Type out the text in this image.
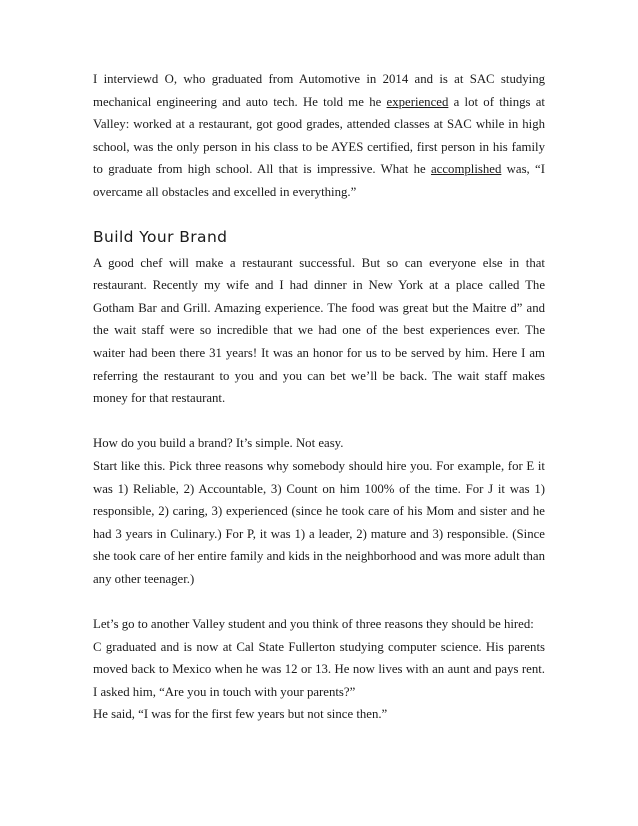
I interviewd O, who graduated from Automotive in 2014 and is at SAC studying mechanical engineering and auto tech. He told me he experienced a lot of things at Valley: worked at a restaurant, got good grades, attended classes at SAC while in high school, was the only person in his class to be AYES certified, first person in his family to graduate from high school. All that is impressive. What he accomplished was, “I overcame all obstacles and excelled in everything.”

Build Your Brand

A good chef will make a restaurant successful. But so can everyone else in that restaurant. Recently my wife and I had dinner in New York at a place called The Gotham Bar and Grill. Amazing experience. The food was great but the Maitre d” and the wait staff were so incredible that we had one of the best experiences ever. The waiter had been there 31 years! It was an honor for us to be served by him. Here I am referring the restaurant to you and you can bet we’ll be back. The wait staff makes money for that restaurant.

How do you build a brand? It’s simple. Not easy.

Start like this. Pick three reasons why somebody should hire you. For example, for E it was 1) Reliable, 2) Accountable, 3) Count on him 100% of the time. For J it was 1) responsible, 2) caring, 3) experienced (since he took care of his Mom and sister and he had 3 years in Culinary.) For P, it was 1) a leader, 2) mature and 3) responsible. (Since she took care of her entire family and kids in the neighborhood and was more adult than any other teenager.)

Let’s go to another Valley student and you think of three reasons they should be hired:

C graduated and is now at Cal State Fullerton studying computer science. His parents moved back to Mexico when he was 12 or 13. He now lives with an aunt and pays rent. I asked him, “Are you in touch with your parents?”

He said, “I was for the first few years but not since then.”
